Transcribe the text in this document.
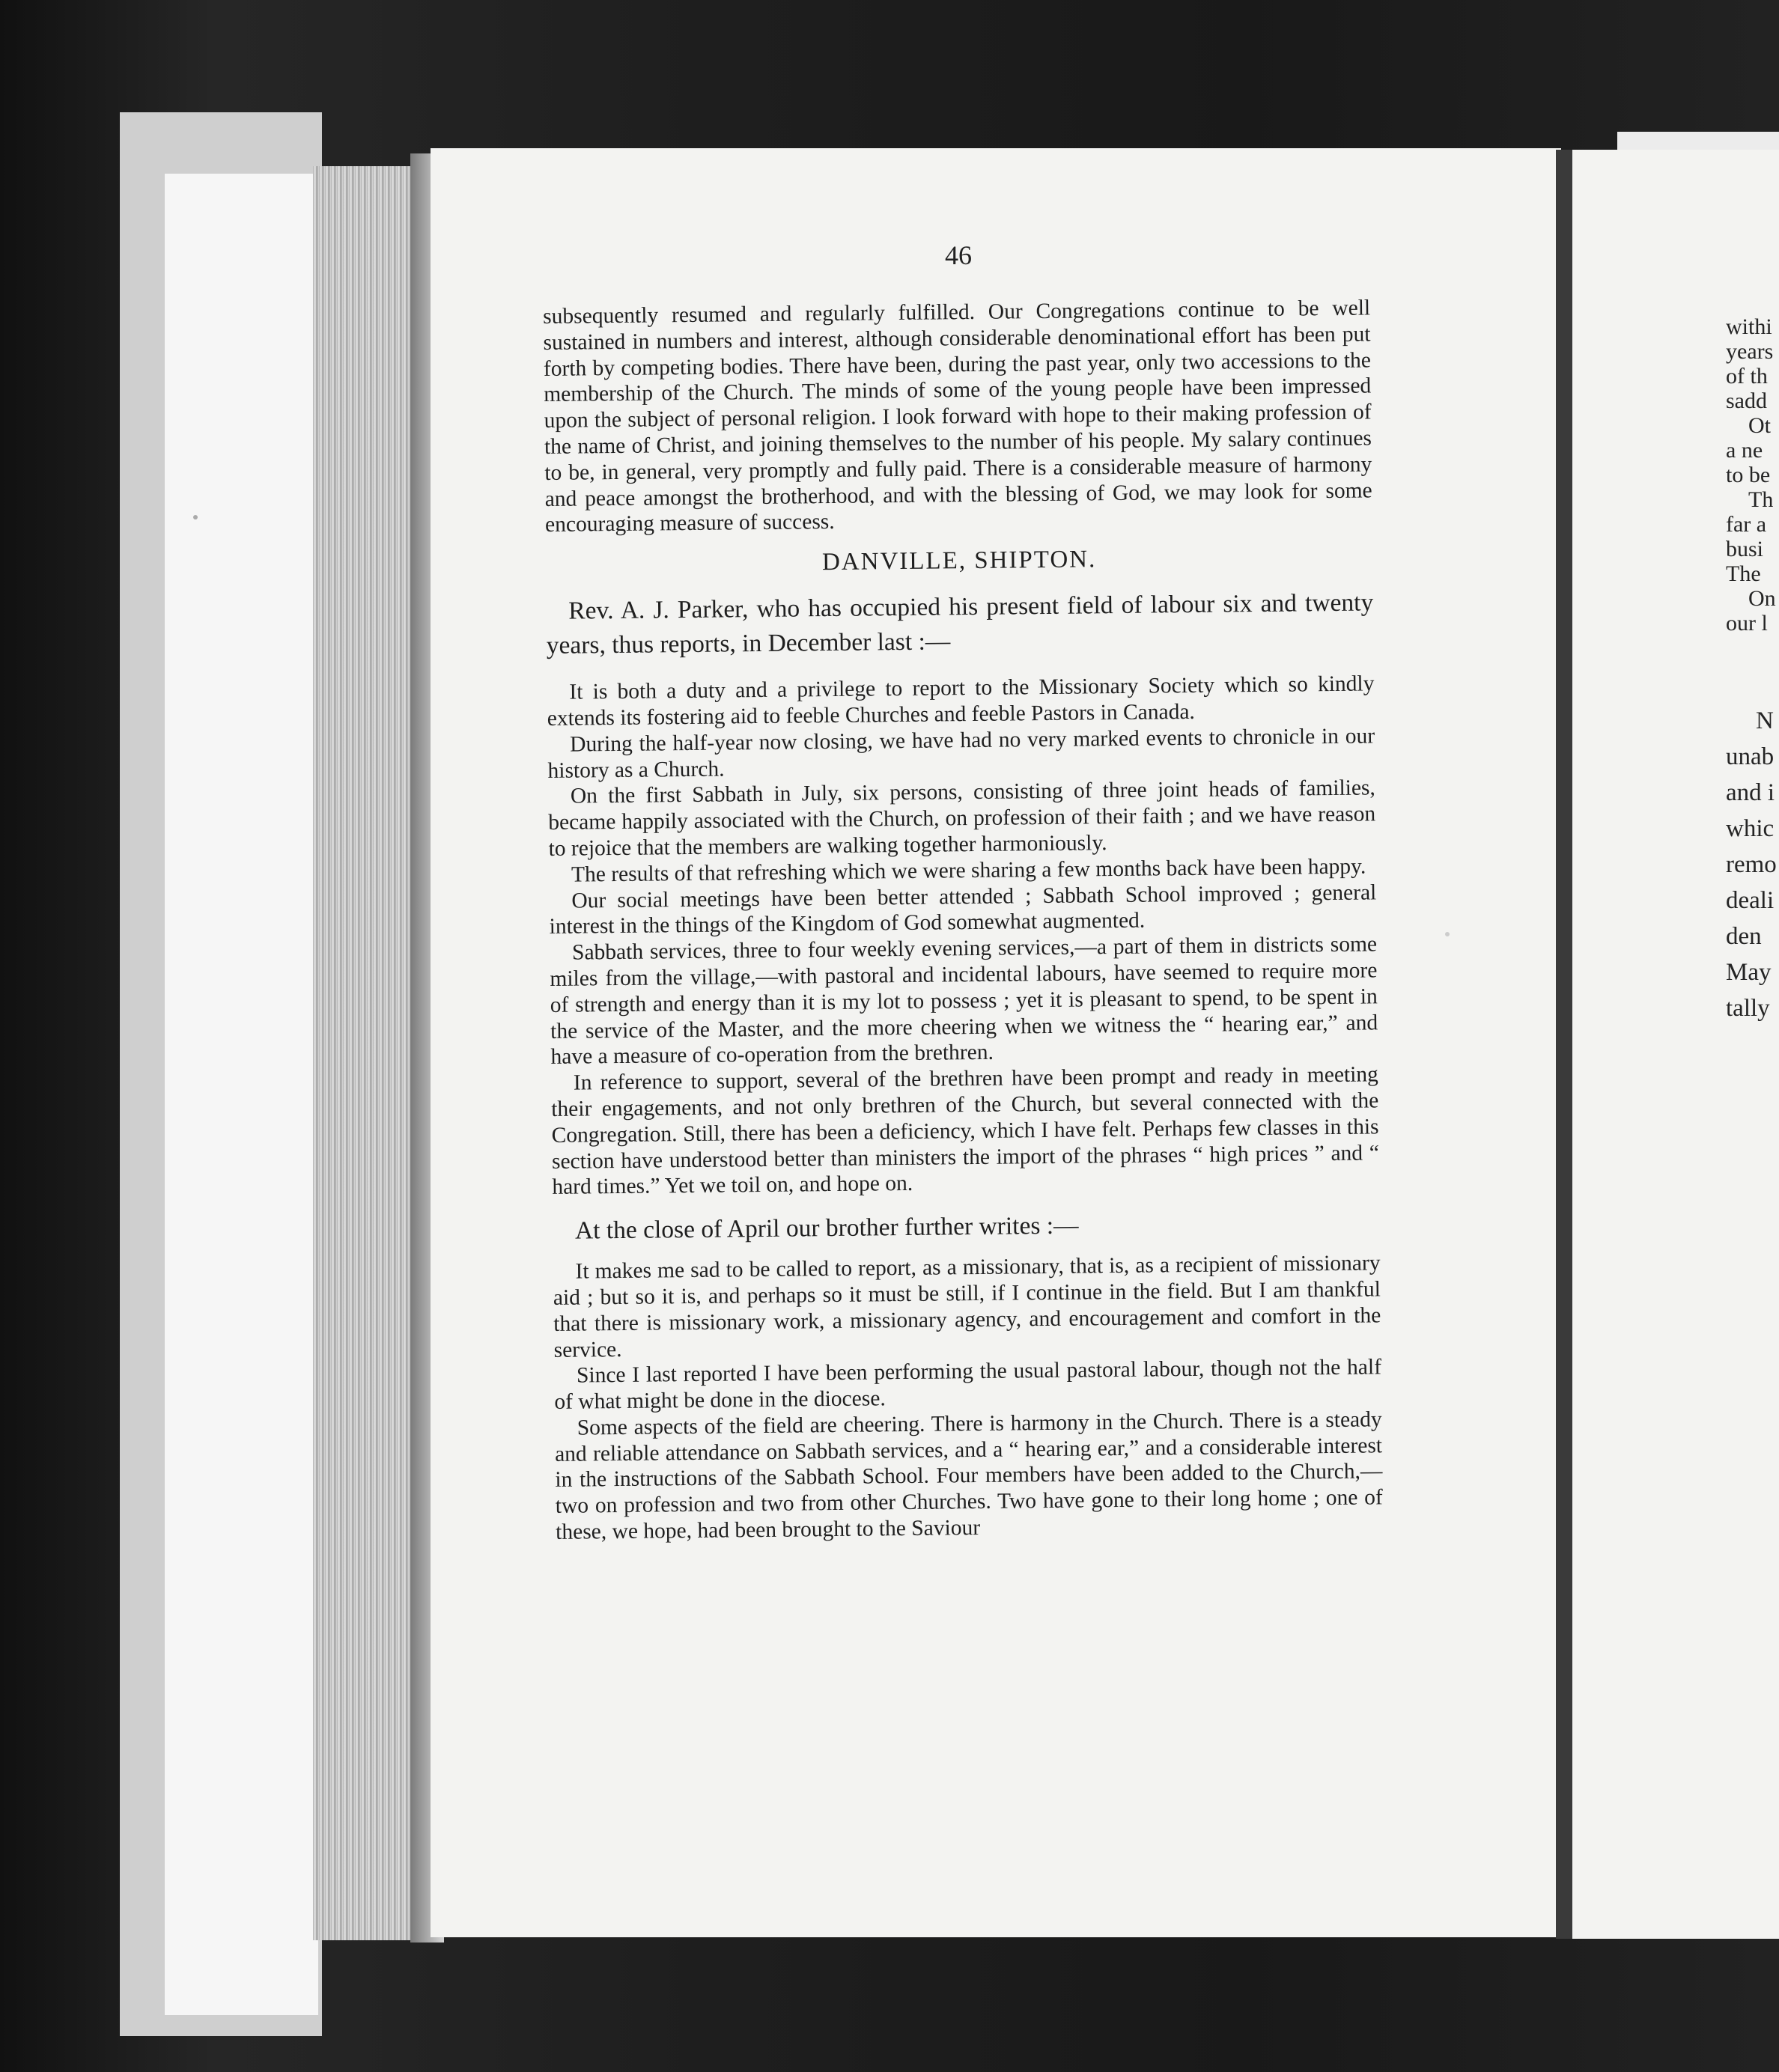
46

subsequently resumed and regularly fulfilled. Our Congregations continue to be well sustained in numbers and interest, although considerable denominational effort has been put forth by competing bodies. There have been, during the past year, only two accessions to the membership of the Church. The minds of some of the young people have been impressed upon the subject of personal religion. I look forward with hope to their making profession of the name of Christ, and joining themselves to the number of his people. My salary continues to be, in general, very promptly and fully paid. There is a considerable measure of harmony and peace amongst the brotherhood, and with the blessing of God, we may look for some encouraging measure of success.

DANVILLE, SHIPTON.

Rev. A. J. Parker, who has occupied his present field of labour six and twenty years, thus reports, in December last :—

It is both a duty and a privilege to report to the Missionary Society which so kindly extends its fostering aid to feeble Churches and feeble Pastors in Canada.

During the half-year now closing, we have had no very marked events to chronicle in our history as a Church.

On the first Sabbath in July, six persons, consisting of three joint heads of families, became happily associated with the Church, on profession of their faith ; and we have reason to rejoice that the members are walking together harmoniously.

The results of that refreshing which we were sharing a few months back have been happy.

Our social meetings have been better attended ; Sabbath School improved ; general interest in the things of the Kingdom of God somewhat augmented.

Sabbath services, three to four weekly evening services,—a part of them in districts some miles from the village,—with pastoral and incidental labours, have seemed to require more of strength and energy than it is my lot to possess ; yet it is pleasant to spend, to be spent in the service of the Master, and the more cheering when we witness the “ hearing ear,” and have a measure of co-operation from the brethren.

In reference to support, several of the brethren have been prompt and ready in meeting their engagements, and not only brethren of the Church, but several connected with the Congregation. Still, there has been a deficiency, which I have felt. Perhaps few classes in this section have understood better than ministers the import of the phrases “ high prices ” and “ hard times.” Yet we toil on, and hope on.

At the close of April our brother further writes :—

It makes me sad to be called to report, as a missionary, that is, as a recipient of missionary aid ; but so it is, and perhaps so it must be still, if I continue in the field. But I am thankful that there is missionary work, a missionary agency, and encouragement and comfort in the service.

Since I last reported I have been performing the usual pastoral labour, though not the half of what might be done in the diocese.

Some aspects of the field are cheering. There is harmony in the Church. There is a steady and reliable attendance on Sabbath services, and a “ hearing ear,” and a considerable interest in the instructions of the Sabbath School. Four members have been added to the Church,—two on profession and two from other Churches. Two have gone to their long home ; one of these, we hope, had been brought to the Saviour

withi
years
of th
sadd
Ot
a ne
to be
Th
far a
busi
The
On
our l
N
unab
and i
whic
remo
deali
den
May
tally
